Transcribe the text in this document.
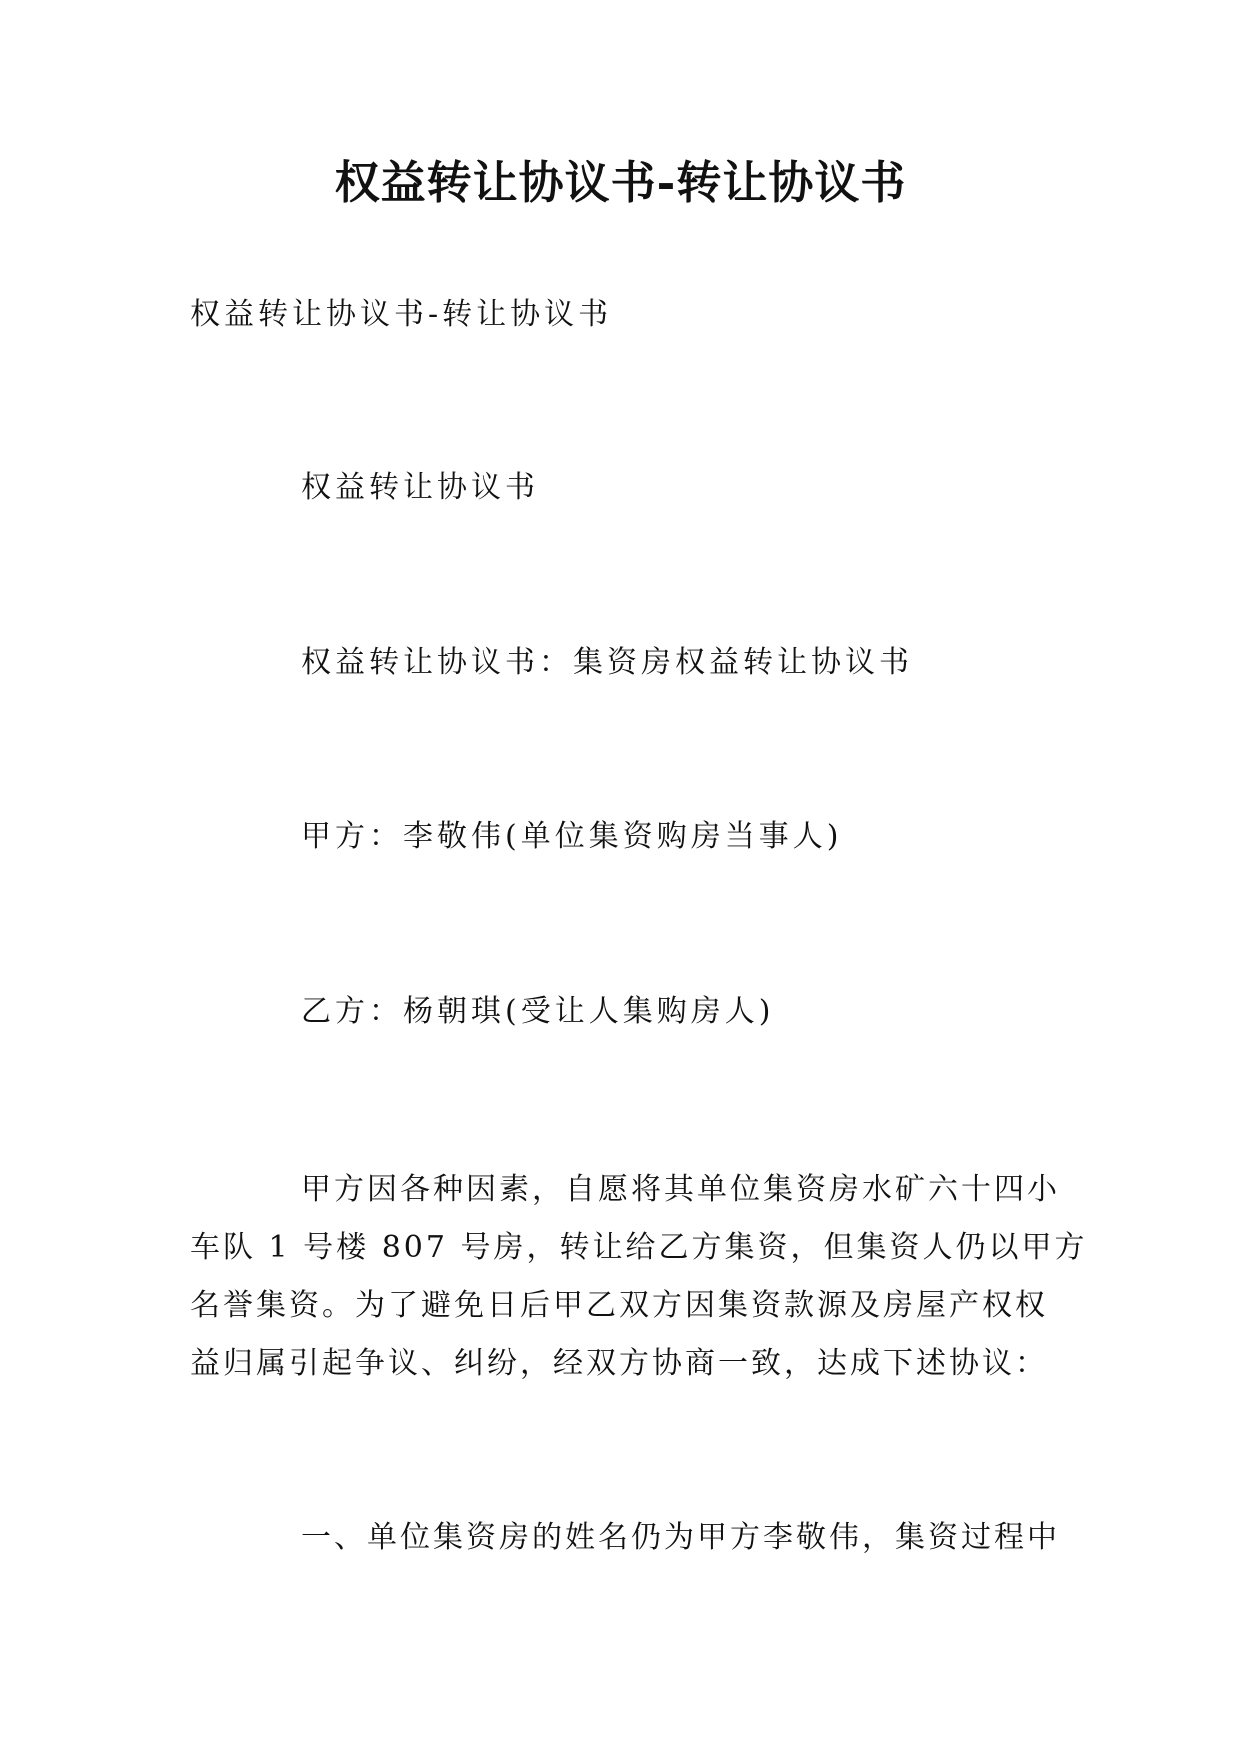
权益转让协议书-转让协议书
权益转让协议书-转让协议书
权益转让协议书
权益转让协议书：集资房权益转让协议书
甲方：李敬伟(单位集资购房当事人)
乙方：杨朝琪(受让人集购房人)
甲方因各种因素，自愿将其单位集资房水矿六十四小
车队 1 号楼 807 号房，转让给乙方集资，但集资人仍以甲方
名誉集资。为了避免日后甲乙双方因集资款源及房屋产权权
益归属引起争议、纠纷，经双方协商一致，达成下述协议：
一、单位集资房的姓名仍为甲方李敬伟，集资过程中
